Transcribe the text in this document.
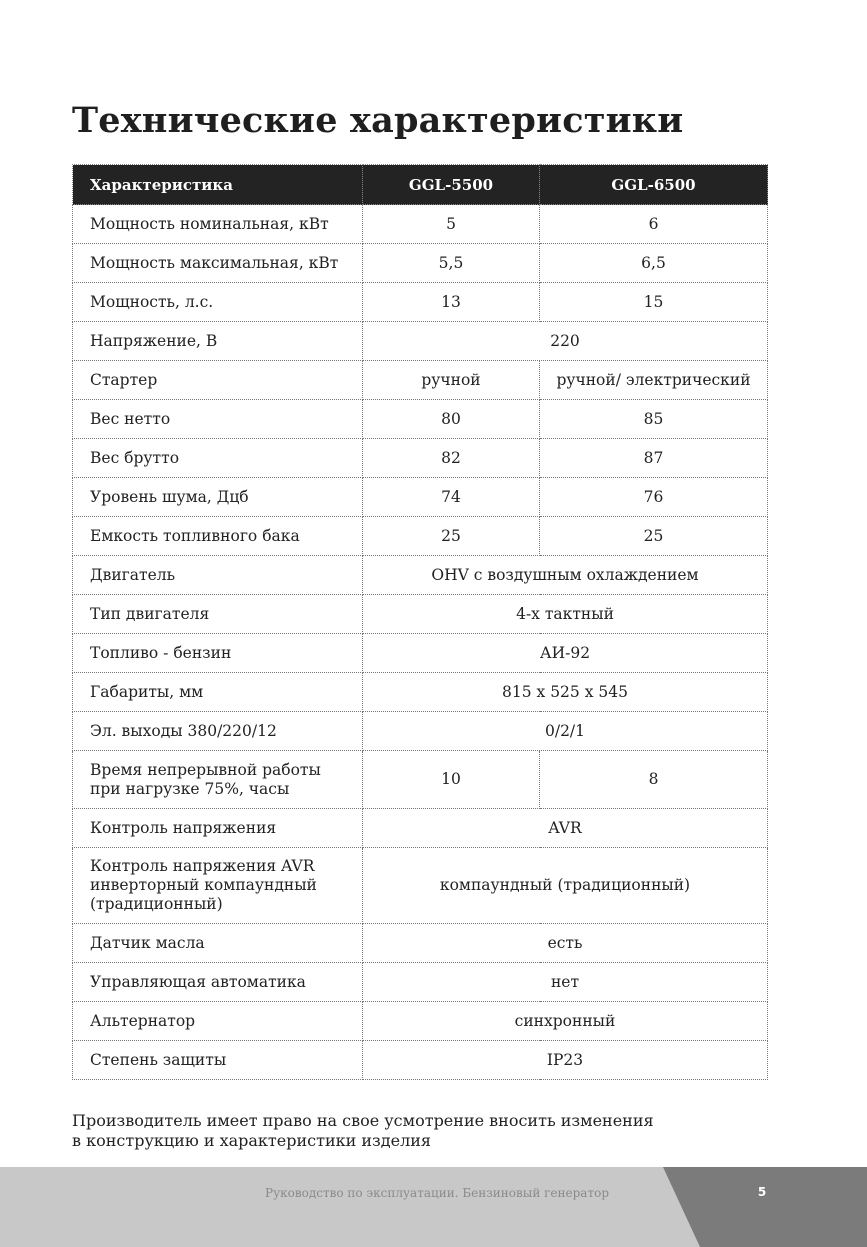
Технические характеристики
Характеристика	GGL-5500	GGL-6500
Мощность номинальная, кВт	5	6
Мощность максимальная, кВт	5,5	6,5
Мощность, л.с.	13	15
Напряжение, В	220	
Стартер	ручной	ручной/ электрический
Вес нетто	80	85
Вес брутто	82	87
Уровень шума, Дцб	74	76
Емкость топливного бака	25	25
Двигатель	OHV с воздушным охлаждением	
Тип двигателя	4-х тактный	
Топливо - бензин	АИ-92	
Габариты, мм	815 х 525 х 545	
Эл. выходы 380/220/12	0/2/1	
Время непрерывной работы
при нагрузке 75%, часы	10	8
Контроль напряжения	AVR	
Контроль напряжения AVR
инверторный компаундный
(традиционный)	компаундный (традиционный)	
Датчик масла	есть	
Управляющая автоматика	нет	
Альтернатор	синхронный	
Степень защиты	IP23	
Производитель имеет право на свое усмотрение вносить изменения
в конструкцию и характеристики изделия
Руководство по эксплуатации. Бензиновый генератор	5
